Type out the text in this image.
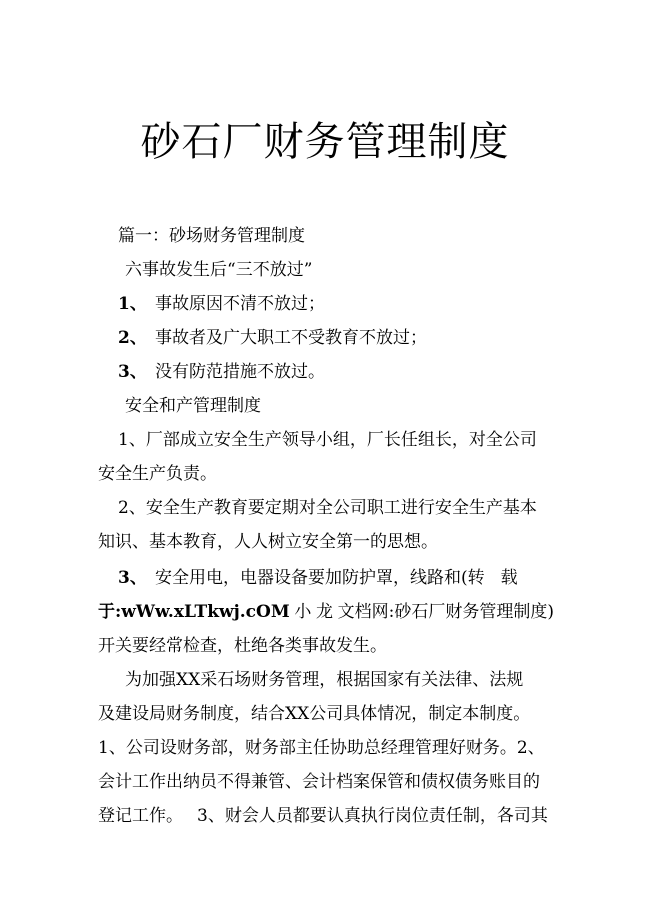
砂石厂财务管理制度

篇一：砂场财务管理制度

六事故发生后“三不放过”

1、 事故原因不清不放过；

2、 事故者及广大职工不受教育不放过；

3、 没有防范措施不放过。

安全和产管理制度

1、厂部成立安全生产领导小组，厂长任组长，对全公司

安全生产负责。

2、安全生产教育要定期对全公司职工进行安全生产基本

知识、基本教育，人人树立安全第一的思想。

3、 安全用电，电器设备要加防护罩，线路和(转 载

于:wWw.xLTkwj.cOM 小 龙 文档网:砂石厂财务管理制度)

开关要经常检查，杜绝各类事故发生。

为加强XX采石场财务管理，根据国家有关法律、法规

及建设局财务制度，结合XX公司具体情况，制定本制度。

1、公司设财务部，财务部主任协助总经理管理好财务。2、

会计工作出纳员不得兼管、会计档案保管和债权债务账目的

登记工作。 3、财会人员都要认真执行岗位责任制，各司其
